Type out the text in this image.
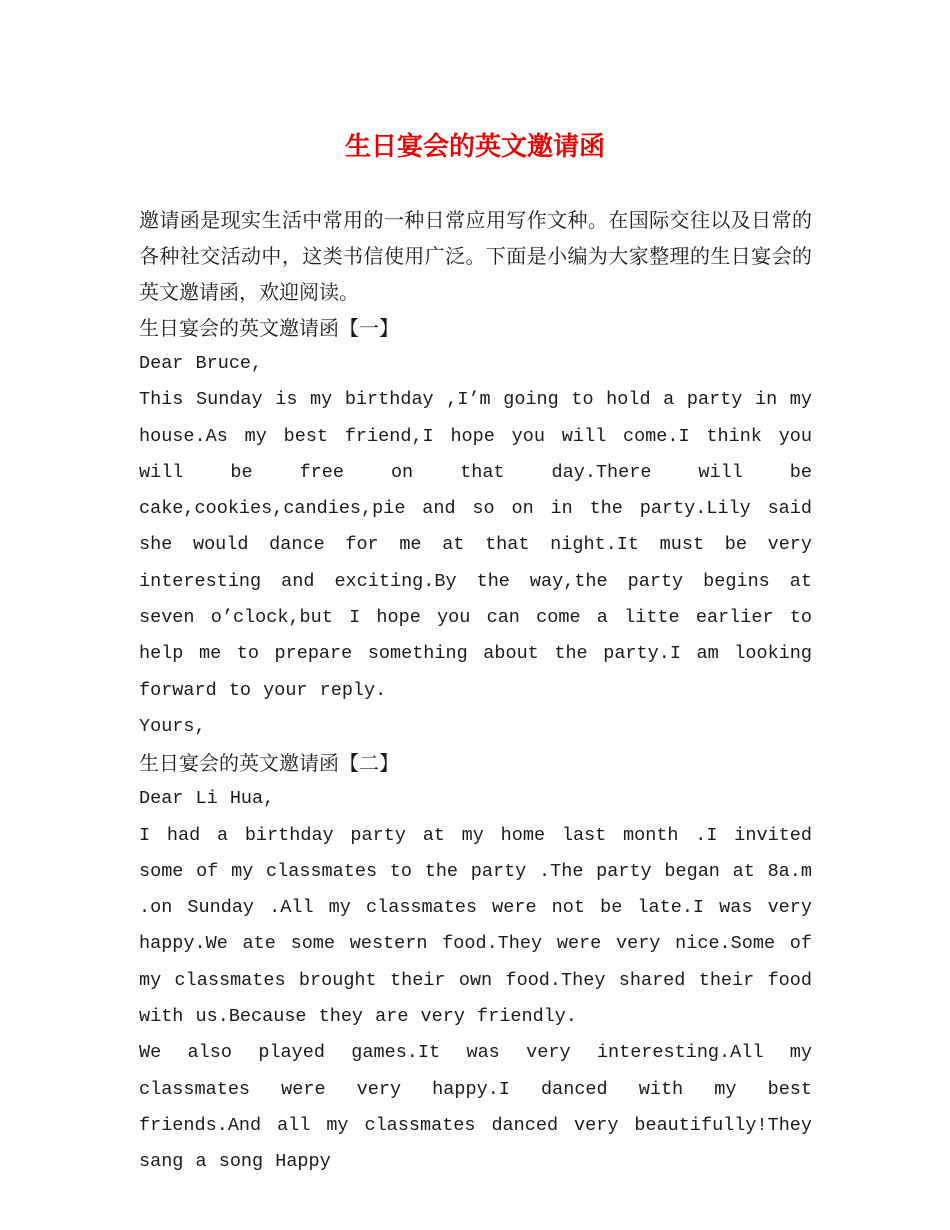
生日宴会的英文邀请函

邀请函是现实生活中常用的一种日常应用写作文种。在国际交往以及日常的各种社交活动中，这类书信使用广泛。下面是小编为大家整理的生日宴会的英文邀请函，欢迎阅读。

生日宴会的英文邀请函【一】

Dear Bruce,

This Sunday is my birthday ,I’m going to hold a party in my house.As my best friend,I hope you will come.I think you will be free on that day.There will be cake,cookies,candies,pie and so on in the party.Lily said she would dance for me at that night.It must be very interesting and exciting.By the way,the party begins at seven o’clock,but I hope you can come a litte earlier to help me to prepare something about the party.I am looking forward to your reply.

Yours,

生日宴会的英文邀请函【二】

Dear Li Hua,

I had a birthday party at my home last month .I invited some of my classmates to the party .The party began at 8a.m .on Sunday .All my classmates were not be late.I was very happy.We ate some western food.They were very nice.Some of my classmates brought their own food.They shared their food with us.Because they are very friendly.

We also played games.It was very interesting.All my classmates were very happy.I danced with my best friends.And all my classmates danced very beautifully!They sang a song Happy
